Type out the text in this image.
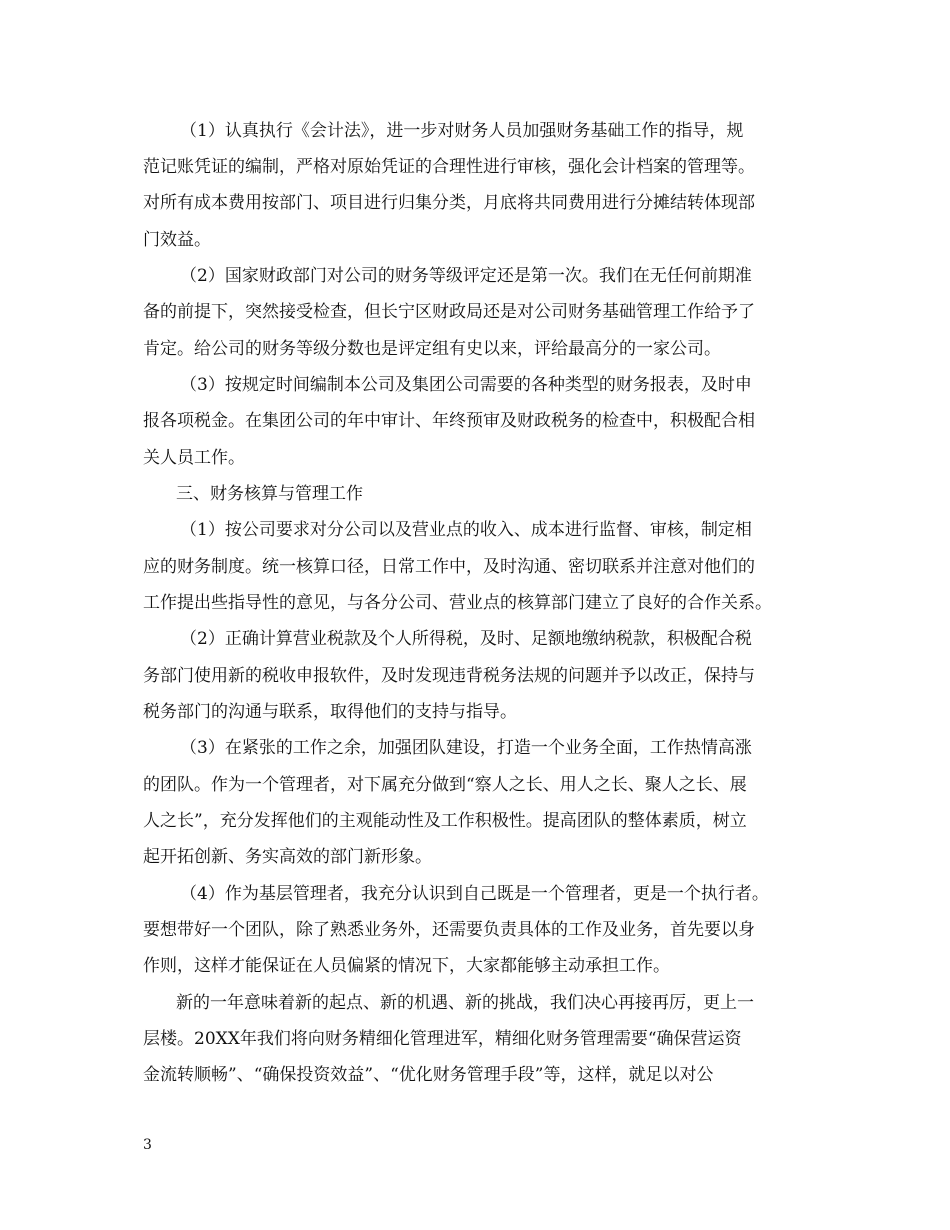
（1）认真执行《会计法》，进一步对财务人员加强财务基础工作的指导，规
范记账凭证的编制，严格对原始凭证的合理性进行审核，强化会计档案的管理等。
对所有成本费用按部门、项目进行归集分类，月底将共同费用进行分摊结转体现部
门效益。
（2）国家财政部门对公司的财务等级评定还是第一次。我们在无任何前期准
备的前提下，突然接受检查，但长宁区财政局还是对公司财务基础管理工作给予了
肯定。给公司的财务等级分数也是评定组有史以来，评给最高分的一家公司。
（3）按规定时间编制本公司及集团公司需要的各种类型的财务报表，及时申
报各项税金。在集团公司的年中审计、年终预审及财政税务的检查中，积极配合相
关人员工作。
三、财务核算与管理工作
（1）按公司要求对分公司以及营业点的收入、成本进行监督、审核，制定相
应的财务制度。统一核算口径，日常工作中，及时沟通、密切联系并注意对他们的
工作提出些指导性的意见，与各分公司、营业点的核算部门建立了良好的合作关系。
（2）正确计算营业税款及个人所得税，及时、足额地缴纳税款，积极配合税
务部门使用新的税收申报软件，及时发现违背税务法规的问题并予以改正，保持与
税务部门的沟通与联系，取得他们的支持与指导。
（3）在紧张的工作之余，加强团队建设，打造一个业务全面，工作热情高涨
的团队。作为一个管理者，对下属充分做到“察人之长、用人之长、聚人之长、展
人之长”，充分发挥他们的主观能动性及工作积极性。提高团队的整体素质，树立
起开拓创新、务实高效的部门新形象。
（4）作为基层管理者，我充分认识到自己既是一个管理者，更是一个执行者。
要想带好一个团队，除了熟悉业务外，还需要负责具体的工作及业务，首先要以身
作则，这样才能保证在人员偏紧的情况下，大家都能够主动承担工作。
新的一年意味着新的起点、新的机遇、新的挑战，我们决心再接再厉，更上一
层楼。20XX年我们将向财务精细化管理进军，精细化财务管理需要“确保营运资
金流转顺畅”、“确保投资效益”、“优化财务管理手段”等，这样，就足以对公
3
